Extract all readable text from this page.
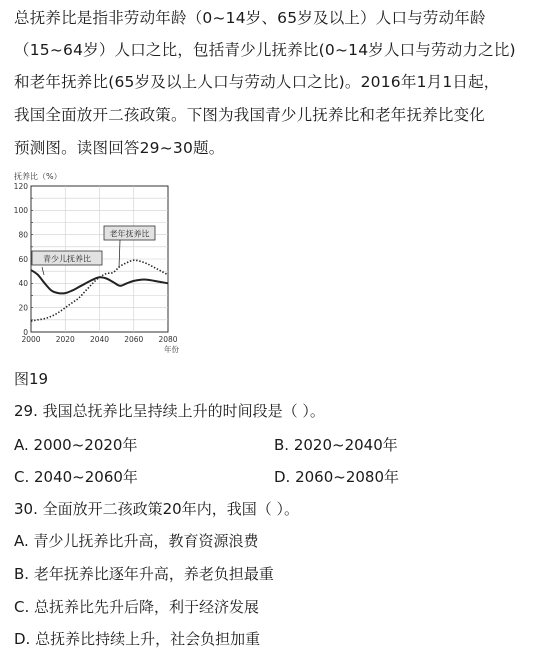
总抚养比是指非劳动年龄（0~14岁、65岁及以上）人口与劳动年龄
（15~64岁）人口之比，包括青少儿抚养比(0~14岁人口与劳动力之比)
和老年抚养比(65岁及以上人口与劳动人口之比)。2016年1月1日起，
我国全面放开二孩政策。下图为我国青少儿抚养比和老年抚养比变化
预测图。读图回答29~30题。
抚养比（%）
年份
0
20
40
60
80
100
120
2000 2020 2040 2060 2080
青少儿抚养比
老年抚养比
图19
29. 我国总抚养比呈持续上升的时间段是（ ）。
A. 2000~2020年	B. 2020~2040年
C. 2040~2060年	D. 2060~2080年
30. 全面放开二孩政策20年内，我国（ ）。
A. 青少儿抚养比升高，教育资源浪费
B. 老年抚养比逐年升高，养老负担最重
C. 总抚养比先升后降，利于经济发展
D. 总抚养比持续上升，社会负担加重
